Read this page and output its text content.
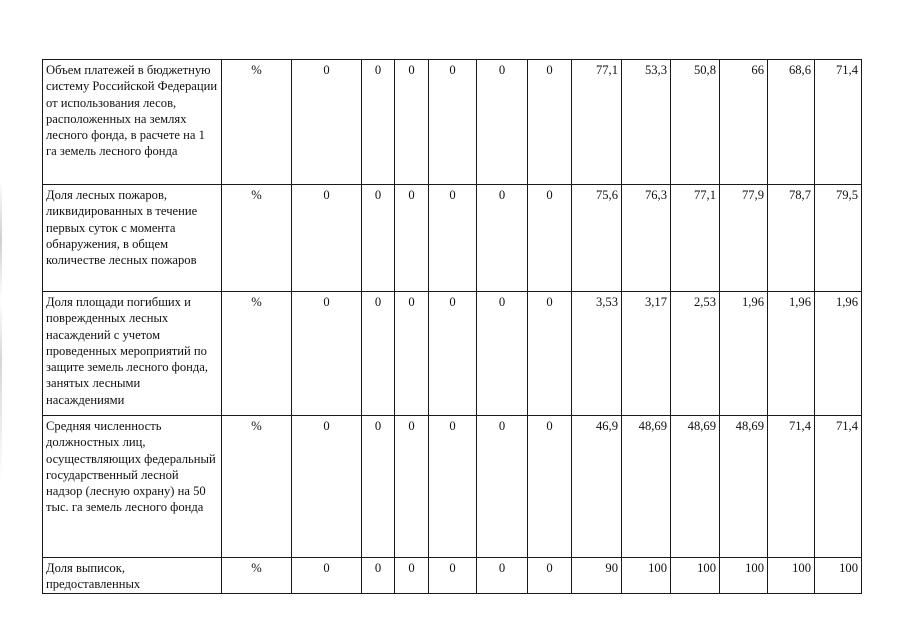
Объем платежей в бюджетную систему Российской Федерации от использования лесов, расположенных на землях лесного фонда, в расчете на 1 га земель лесного фонда	%	0	0	0	0	0	0	77,1	53,3	50,8	66	68,6	71,4
Доля лесных пожаров, ликвидированных в течение первых суток с момента обнаружения, в общем количестве лесных пожаров	%	0	0	0	0	0	0	75,6	76,3	77,1	77,9	78,7	79,5
Доля площади погибших и поврежденных лесных насаждений с учетом проведенных мероприятий по защите земель лесного фонда, занятых лесными насаждениями	%	0	0	0	0	0	0	3,53	3,17	2,53	1,96	1,96	1,96
Средняя численность должностных лиц, осуществляющих федеральный государственный лесной надзор (лесную охрану) на 50 тыс. га земель лесного фонда	%	0	0	0	0	0	0	46,9	48,69	48,69	48,69	71,4	71,4
Доля выписок, предоставленных	%	0	0	0	0	0	0	90	100	100	100	100	100
